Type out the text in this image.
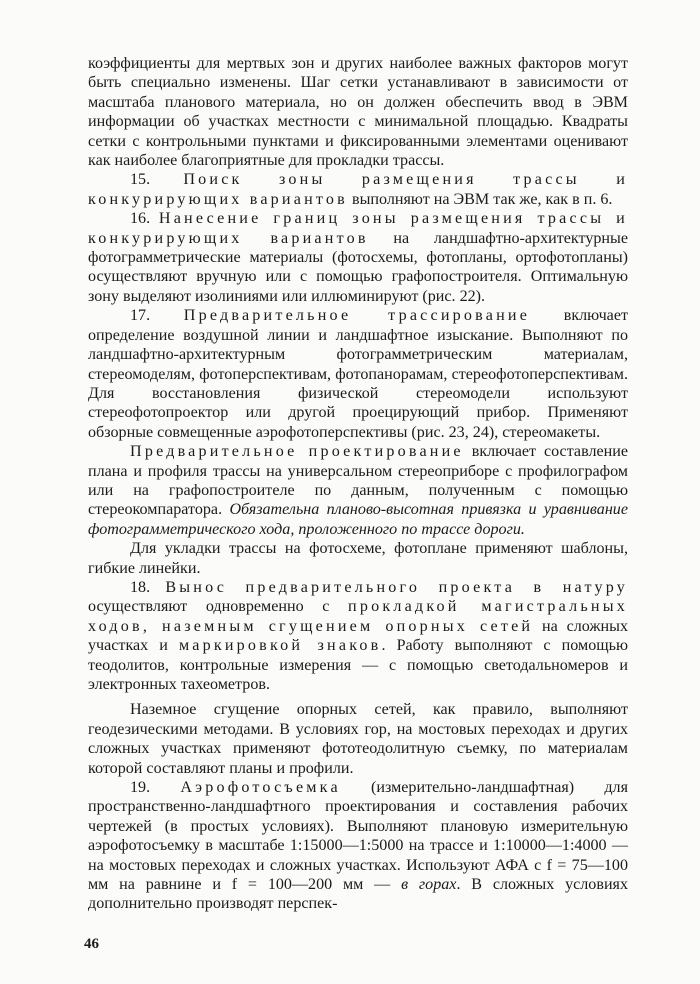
коэффициенты для мертвых зон и других наиболее важных факторов могут быть специально изменены. Шаг сетки устанавливают в зависимости от масштаба планового материала, но он должен обеспечить ввод в ЭВМ информации об участках местности с минимальной площадью. Квадраты сетки с контрольными пунктами и фиксированными элементами оценивают как наиболее благоприятные для прокладки трассы.

15. Поиск зоны размещения трассы и конкурирующих вариантов выполняют на ЭВМ так же, как в п. 6.

16. Нанесение границ зоны размещения трассы и конкурирующих вариантов на ландшафтно-архитектурные фотограмметрические материалы (фотосхемы, фотопланы, ортофотопланы) осуществляют вручную или с помощью графопостроителя. Оптимальную зону выделяют изолиниями или иллюминируют (рис. 22).

17. Предварительное трассирование включает определение воздушной линии и ландшафтное изыскание. Выполняют по ландшафтно-архитектурным фотограмметрическим материалам, стереомоделям, фотоперспективам, фотопанорамам, стереофотоперспективам. Для восстановления физической стереомодели используют стереофотопроектор или другой проецирующий прибор. Применяют обзорные совмещенные аэрофотоперспективы (рис. 23, 24), стереомакеты.

Предварительное проектирование включает составление плана и профиля трассы на универсальном стереоприборе с профилографом или на графопостроителе по данным, полученным с помощью стереокомпаратора. Обязательна планово-высотная привязка и уравнивание фотограмметрического хода, проложенного по трассе дороги.

Для укладки трассы на фотосхеме, фотоплане применяют шаблоны, гибкие линейки.

18. Вынос предварительного проекта в натуру осуществляют одновременно с прокладкой магистральных ходов, наземным сгущением опорных сетей на сложных участках и маркировкой знаков. Работу выполняют с помощью теодолитов, контрольные измерения — с помощью светодальномеров и электронных тахеометров.

Наземное сгущение опорных сетей, как правило, выполняют геодезическими методами. В условиях гор, на мостовых переходах и других сложных участках применяют фототеодолитную съемку, по материалам которой составляют планы и профили.

19. Аэрофотосъемка (измерительно-ландшафтная) для пространственно-ландшафтного проектирования и составления рабочих чертежей (в простых условиях). Выполняют плановую измерительную аэрофотосъемку в масштабе 1:15000—1:5000 на трассе и 1:10000—1:4000 — на мостовых переходах и сложных участках. Используют АФА с f = 75—100 мм на равнине и f = 100—200 мм — в горах. В сложных условиях дополнительно производят перспек-

46
